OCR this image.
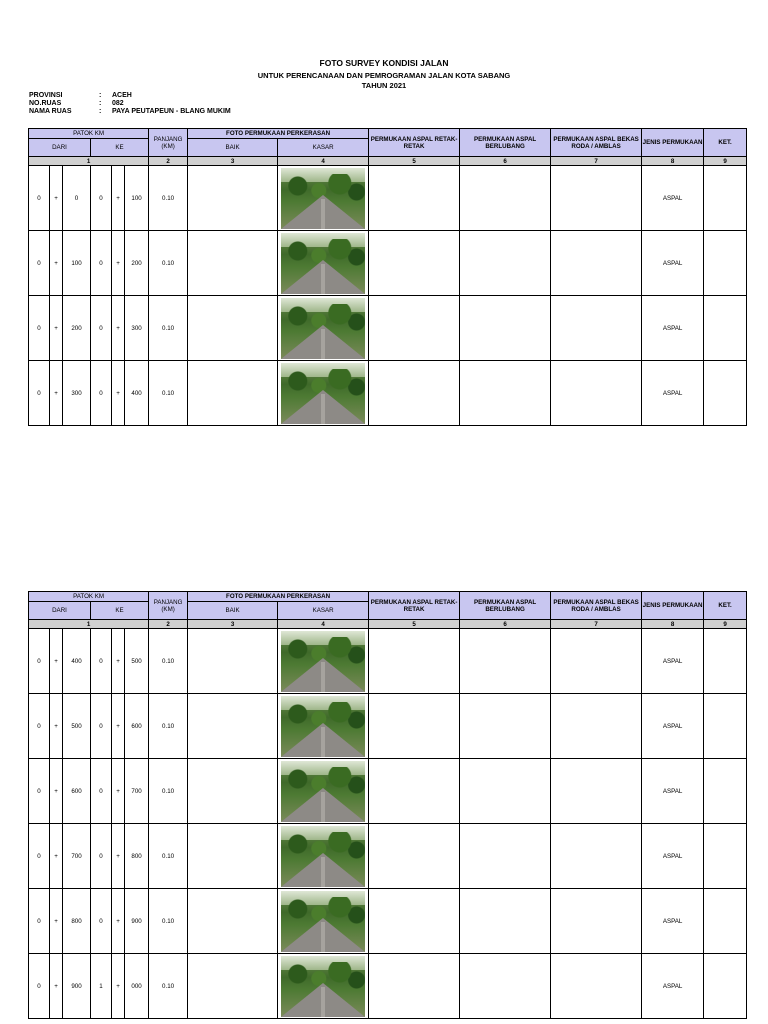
FOTO SURVEY KONDISI JALAN
UNTUK PERENCANAAN DAN PEMROGRAMAN JALAN KOTA SABANG
TAHUN 2021
PROVINSI	: ACEH
NO.RUAS	: 082
NAMA RUAS	: PAYA PEUTAPEUN - BLANG MUKIM
PATOK KM						PANJANG
(KM)	FOTO PERMUKAAN PERKERASAN		PERMUKAAN ASPAL RETAK-RETAK	PERMUKAAN ASPAL BERLUBANG	PERMUKAAN ASPAL BEKAS RODA / AMBLAS	JENIS PERMUKAAN	KET.
DARI			KE				BAIK	KASAR					
1						2	3	4	5	6	7	8	9
0	+	0	0	+	100	0.10						ASPAL	
0	+	100	0	+	200	0.10						ASPAL	
0	+	200	0	+	300	0.10						ASPAL	
0	+	300	0	+	400	0.10						ASPAL	
PATOK KM						PANJANG
(KM)	FOTO PERMUKAAN PERKERASAN		PERMUKAAN ASPAL RETAK-RETAK	PERMUKAAN ASPAL BERLUBANG	PERMUKAAN ASPAL BEKAS RODA / AMBLAS	JENIS PERMUKAAN	KET.
DARI			KE				BAIK	KASAR					
1						2	3	4	5	6	7	8	9
0	+	400	0	+	500	0.10						ASPAL	
0	+	500	0	+	600	0.10						ASPAL	
0	+	600	0	+	700	0.10						ASPAL	
0	+	700	0	+	800	0.10						ASPAL	
0	+	800	0	+	900	0.10						ASPAL	
0	+	900	1	+	000	0.10						ASPAL	
